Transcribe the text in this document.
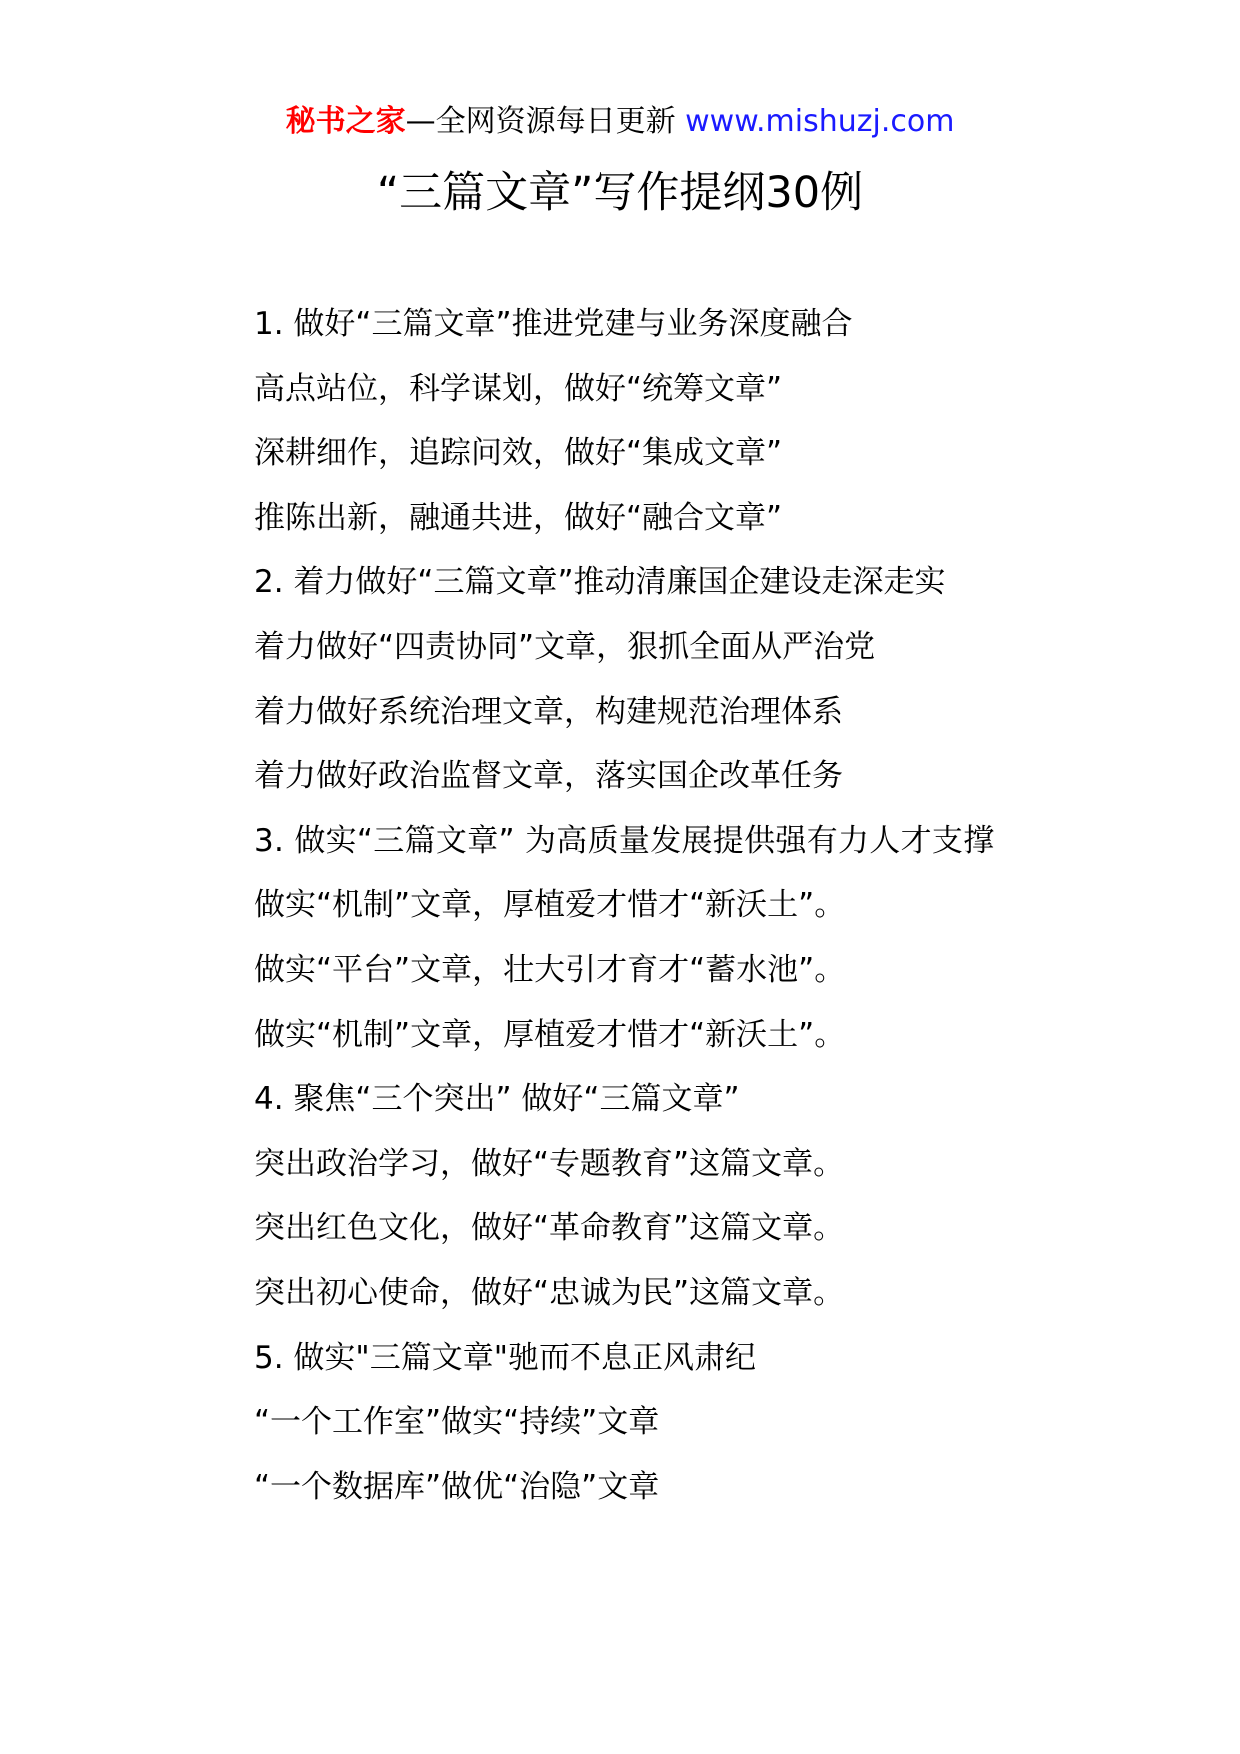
秘书之家—全网资源每日更新 www.mishuzj.com
“三篇文章”写作提纲30例
1. 做好“三篇文章”推进党建与业务深度融合
高点站位，科学谋划，做好“统筹文章”
深耕细作，追踪问效，做好“集成文章”
推陈出新，融通共进，做好“融合文章”
2. 着力做好“三篇文章”推动清廉国企建设走深走实
着力做好“四责协同”文章，狠抓全面从严治党
着力做好系统治理文章，构建规范治理体系
着力做好政治监督文章，落实国企改革任务
3. 做实“三篇文章” 为高质量发展提供强有力人才支撑
做实“机制”文章，厚植爱才惜才“新沃土”。
做实“平台”文章，壮大引才育才“蓄水池”。
做实“机制”文章，厚植爱才惜才“新沃土”。
4. 聚焦“三个突出” 做好“三篇文章”
突出政治学习，做好“专题教育”这篇文章。
突出红色文化，做好“革命教育”这篇文章。
突出初心使命，做好“忠诚为民”这篇文章。
5. 做实"三篇文章"驰而不息正风肃纪
“一个工作室”做实“持续”文章
“一个数据库”做优“治隐”文章
